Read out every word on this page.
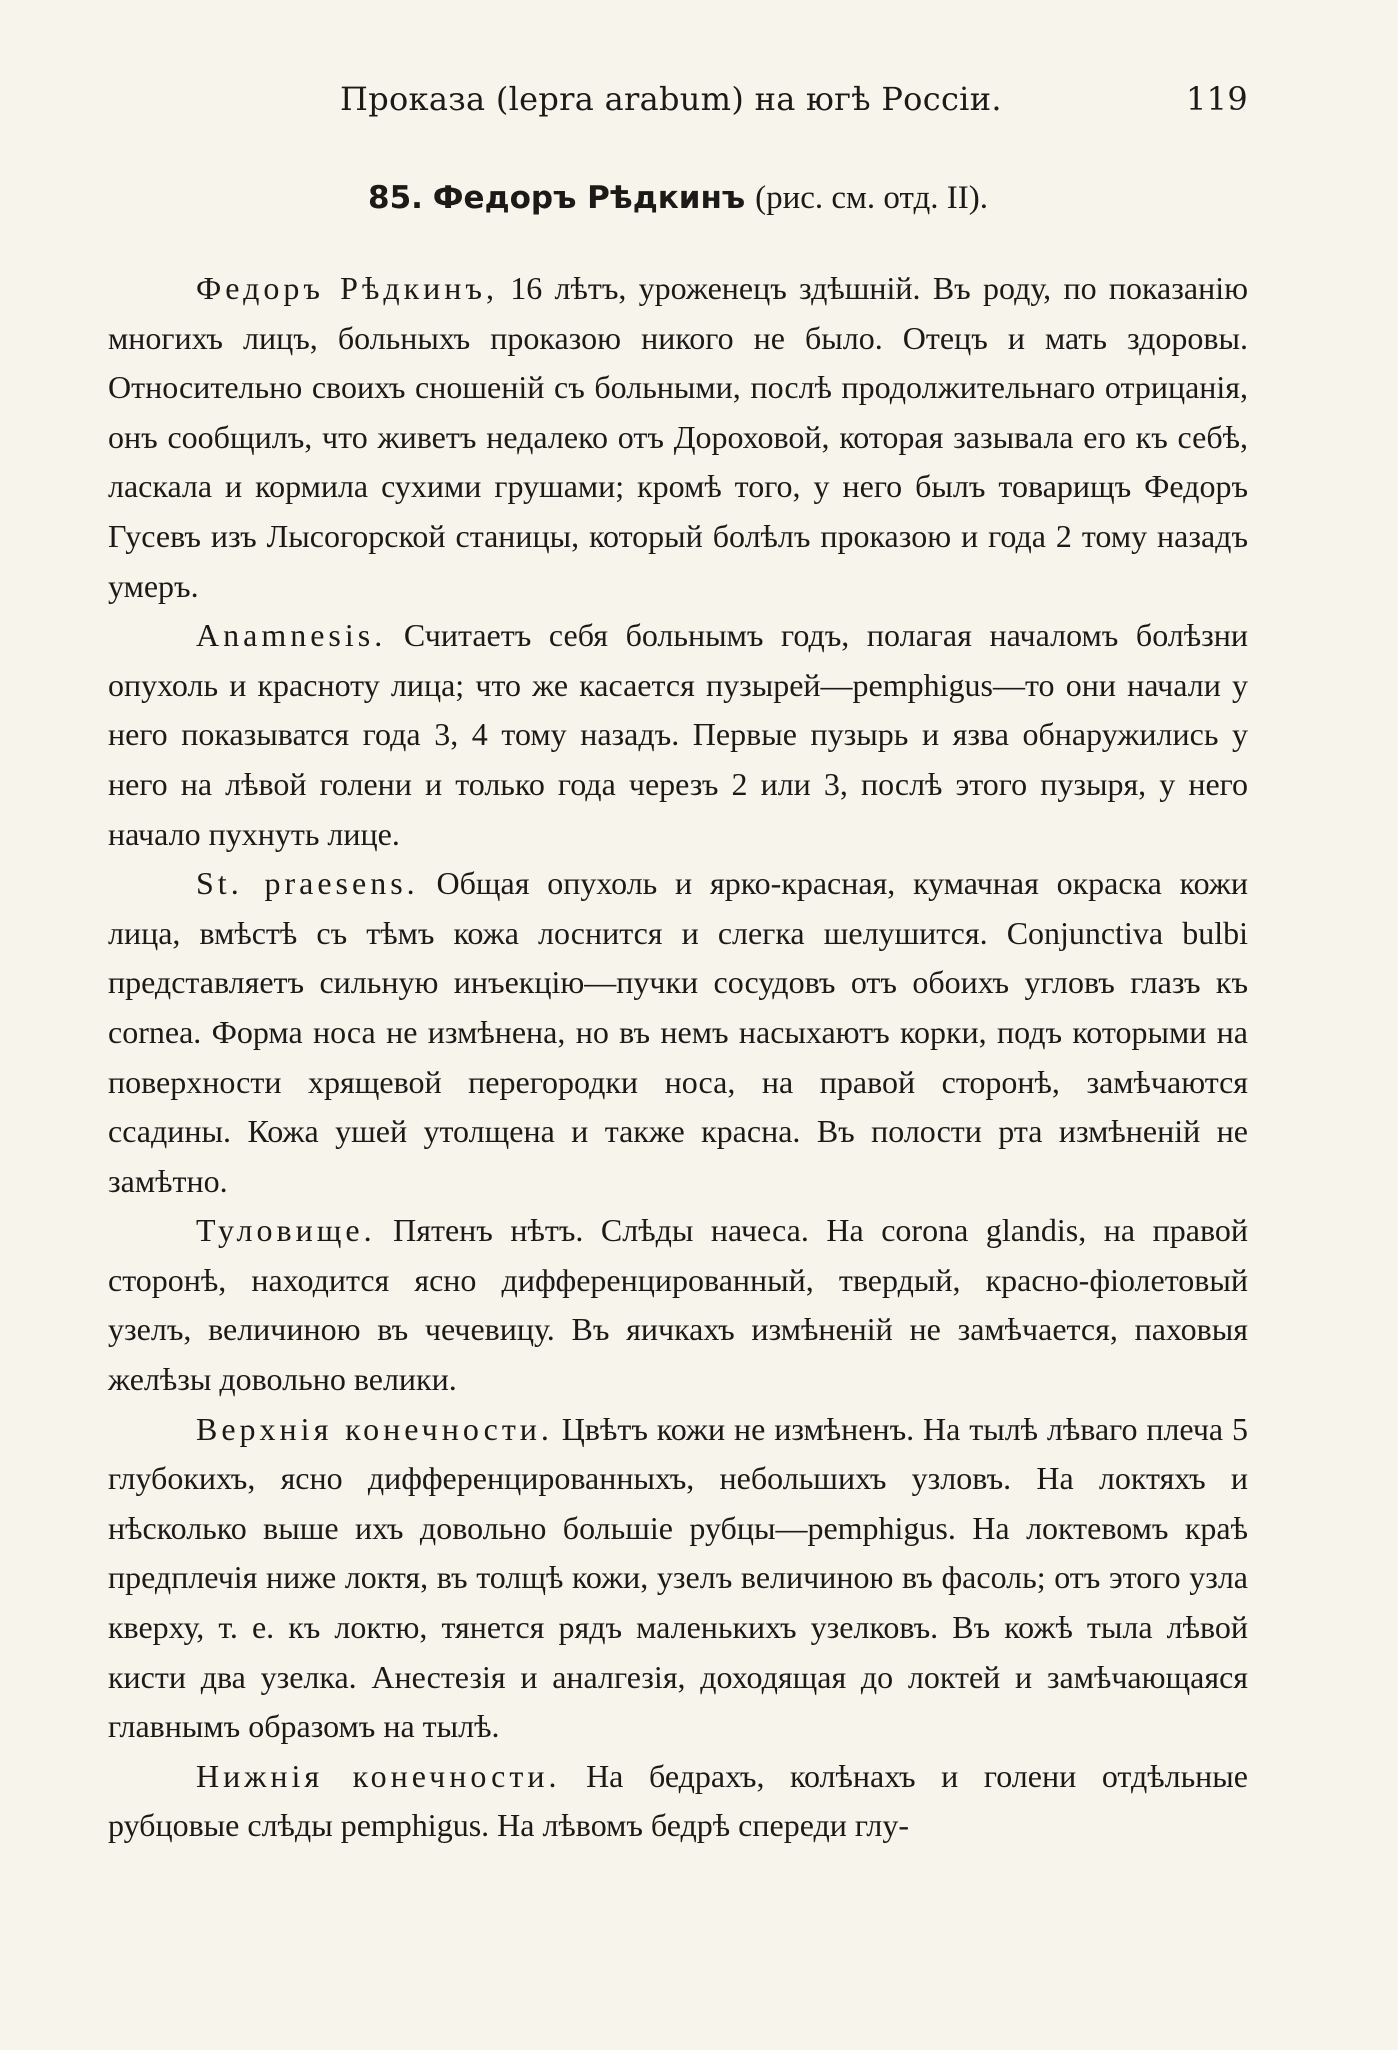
Проказа (lepra arabum) на югѣ Россіи.	119
85. Федоръ Рѣдкинъ (рис. см. отд. II).

Федоръ Рѣдкинъ, 16 лѣтъ, уроженецъ здѣшній. Въ роду, по показанію многихъ лицъ, больныхъ проказою никого не было. Отецъ и мать здоровы. Относительно своихъ сношеній съ больными, послѣ продолжительнаго отрицанія, онъ сообщилъ, что живетъ недалеко отъ Дороховой, которая зазывала его къ себѣ, ласкала и кормила сухими грушами; кромѣ того, у него былъ товарищъ Федоръ Гусевъ изъ Лысогорской станицы, который болѣлъ проказою и года 2 тому назадъ умеръ.

Anamnesis. Считаетъ себя больнымъ годъ, полагая началомъ болѣзни опухоль и красноту лица; что же касается пузырей—pemphigus—то они начали у него показыватся года 3, 4 тому назадъ. Первые пузырь и язва обнаружились у него на лѣвой голени и только года черезъ 2 или 3, послѣ этого пузыря, у него начало пухнуть лице.

St. praesens. Общая опухоль и ярко-красная, кумачная окраска кожи лица, вмѣстѣ съ тѣмъ кожа лоснится и слегка шелушится. Conjunctiva bulbi представляетъ сильную инъекцію—пучки сосудовъ отъ обоихъ угловъ глазъ къ cornea. Форма носа не измѣнена, но въ немъ насыхаютъ корки, подъ которыми на поверхности хрящевой перегородки носа, на правой сторонѣ, замѣчаются ссадины. Кожа ушей утолщена и также красна. Въ полости рта измѣненій не замѣтно.

Туловище. Пятенъ нѣтъ. Слѣды начеса. На corona glandis, на правой сторонѣ, находится ясно дифференцированный, твердый, красно-фіолетовый узелъ, величиною въ чечевицу. Въ яичкахъ измѣненій не замѣчается, паховыя желѣзы довольно велики.

Верхнія конечности. Цвѣтъ кожи не измѣненъ. На тылѣ лѣваго плеча 5 глубокихъ, ясно дифференцированныхъ, небольшихъ узловъ. На локтяхъ и нѣсколько выше ихъ довольно большіе рубцы—pemphigus. На локтевомъ краѣ предплечія ниже локтя, въ толщѣ кожи, узелъ величиною въ фасоль; отъ этого узла кверху, т. е. къ локтю, тянется рядъ маленькихъ узелковъ. Въ кожѣ тыла лѣвой кисти два узелка. Анестезія и аналгезія, доходящая до локтей и замѣчающаяся главнымъ образомъ на тылѣ.

Нижнія конечности. На бедрахъ, колѣнахъ и голени отдѣльные рубцовые слѣды pemphigus. На лѣвомъ бедрѣ спереди глу-
